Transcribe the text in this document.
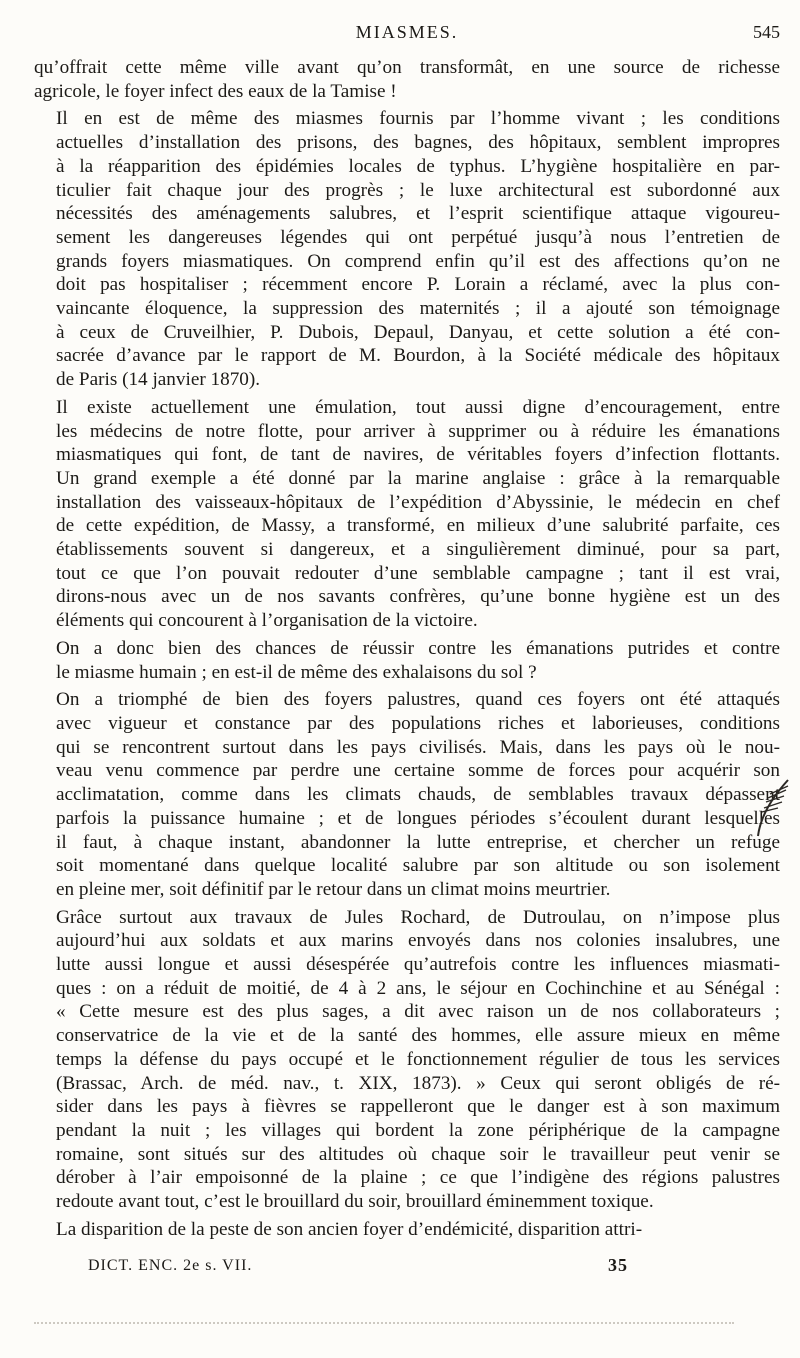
MIASMES.	545

qu’offrait cette même ville avant qu’on transformât, en une source de richesse
agricole, le foyer infect des eaux de la Tamise !

Il en est de même des miasmes fournis par l’homme vivant ; les conditions
actuelles d’installation des prisons, des bagnes, des hôpitaux, semblent impropres
à la réapparition des épidémies locales de typhus. L’hygiène hospitalière en par-
ticulier fait chaque jour des progrès ; le luxe architectural est subordonné aux
nécessités des aménagements salubres, et l’esprit scientifique attaque vigoureu-
sement les dangereuses légendes qui ont perpétué jusqu’à nous l’entretien de
grands foyers miasmatiques. On comprend enfin qu’il est des affections qu’on ne
doit pas hospitaliser ; récemment encore P. Lorain a réclamé, avec la plus con-
vaincante éloquence, la suppression des maternités ; il a ajouté son témoignage
à ceux de Cruveilhier, P. Dubois, Depaul, Danyau, et cette solution a été con-
sacrée d’avance par le rapport de M. Bourdon, à la Société médicale des hôpitaux
de Paris (14 janvier 1870).

Il existe actuellement une émulation, tout aussi digne d’encouragement, entre
les médecins de notre flotte, pour arriver à supprimer ou à réduire les émanations
miasmatiques qui font, de tant de navires, de véritables foyers d’infection flottants.
Un grand exemple a été donné par la marine anglaise : grâce à la remarquable
installation des vaisseaux-hôpitaux de l’expédition d’Abyssinie, le médecin en chef
de cette expédition, de Massy, a transformé, en milieux d’une salubrité parfaite, ces
établissements souvent si dangereux, et a singulièrement diminué, pour sa part,
tout ce que l’on pouvait redouter d’une semblable campagne ; tant il est vrai,
dirons-nous avec un de nos savants confrères, qu’une bonne hygiène est un des
éléments qui concourent à l’organisation de la victoire.

On a donc bien des chances de réussir contre les émanations putrides et contre
le miasme humain ; en est-il de même des exhalaisons du sol ?

On a triomphé de bien des foyers palustres, quand ces foyers ont été attaqués
avec vigueur et constance par des populations riches et laborieuses, conditions
qui se rencontrent surtout dans les pays civilisés. Mais, dans les pays où le nou-
veau venu commence par perdre une certaine somme de forces pour acquérir son
acclimatation, comme dans les climats chauds, de semblables travaux dépassent
parfois la puissance humaine ; et de longues périodes s’écoulent durant lesquelles
il faut, à chaque instant, abandonner la lutte entreprise, et chercher un refuge
soit momentané dans quelque localité salubre par son altitude ou son isolement
en pleine mer, soit définitif par le retour dans un climat moins meurtrier.

Grâce surtout aux travaux de Jules Rochard, de Dutroulau, on n’impose plus
aujourd’hui aux soldats et aux marins envoyés dans nos colonies insalubres, une
lutte aussi longue et aussi désespérée qu’autrefois contre les influences miasmati-
ques : on a réduit de moitié, de 4 à 2 ans, le séjour en Cochinchine et au Sénégal :
« Cette mesure est des plus sages, a dit avec raison un de nos collaborateurs ;
conservatrice de la vie et de la santé des hommes, elle assure mieux en même
temps la défense du pays occupé et le fonctionnement régulier de tous les services
(Brassac, Arch. de méd. nav., t. XIX, 1873). » Ceux qui seront obligés de ré-
sider dans les pays à fièvres se rappelleront que le danger est à son maximum
pendant la nuit ; les villages qui bordent la zone périphérique de la campagne
romaine, sont situés sur des altitudes où chaque soir le travailleur peut venir se
dérober à l’air empoisonné de la plaine ; ce que l’indigène des régions palustres
redoute avant tout, c’est le brouillard du soir, brouillard éminemment toxique.

La disparition de la peste de son ancien foyer d’endémicité, disparition attri-

DICT. ENC. 2e s. VII.	35
